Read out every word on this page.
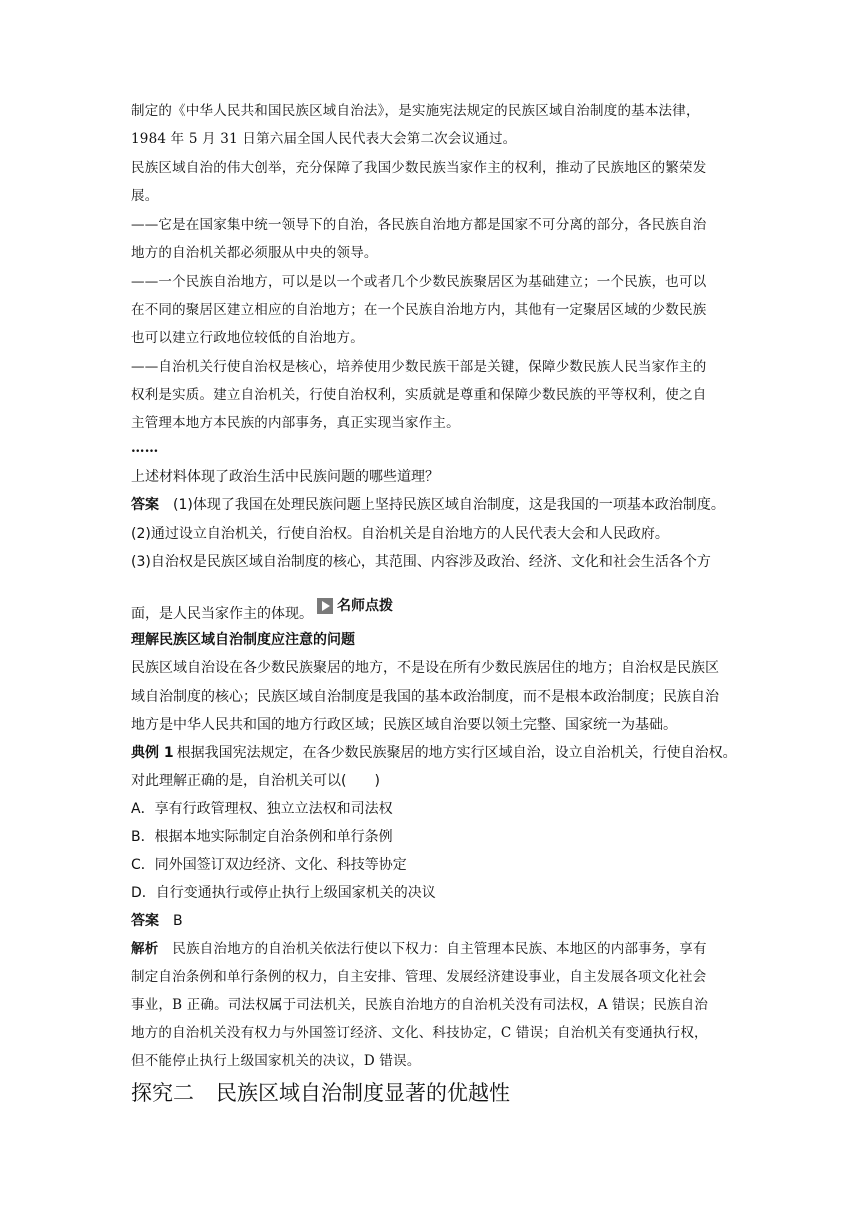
制定的《中华人民共和国民族区域自治法》，是实施宪法规定的民族区域自治制度的基本法律，
1984 年 5 月 31 日第六届全国人民代表大会第二次会议通过。
民族区域自治的伟大创举，充分保障了我国少数民族当家作主的权利，推动了民族地区的繁荣发
展。
——它是在国家集中统一领导下的自治，各民族自治地方都是国家不可分离的部分，各民族自治
地方的自治机关都必须服从中央的领导。
——一个民族自治地方，可以是以一个或者几个少数民族聚居区为基础建立；一个民族，也可以
在不同的聚居区建立相应的自治地方；在一个民族自治地方内，其他有一定聚居区域的少数民族
也可以建立行政地位较低的自治地方。
——自治机关行使自治权是核心，培养使用少数民族干部是关键，保障少数民族人民当家作主的
权利是实质。建立自治机关，行使自治权利，实质就是尊重和保障少数民族的平等权利，使之自
主管理本地方本民族的内部事务，真正实现当家作主。
……
上述材料体现了政治生活中民族问题的哪些道理？
答案 (1)体现了我国在处理民族问题上坚持民族区域自治制度，这是我国的一项基本政治制度。
(2)通过设立自治机关，行使自治权。自治机关是自治地方的人民代表大会和人民政府。
(3)自治权是民族区域自治制度的核心，其范围、内容涉及政治、经济、文化和社会生活各个方
面，是人民当家作主的体现。 名师点拨
理解民族区域自治制度应注意的问题
民族区域自治设在各少数民族聚居的地方，不是设在所有少数民族居住的地方；自治权是民族区
域自治制度的核心；民族区域自治制度是我国的基本政治制度，而不是根本政治制度；民族自治
地方是中华人民共和国的地方行政区域；民族区域自治要以领土完整、国家统一为基础。
典例 1 根据我国宪法规定，在各少数民族聚居的地方实行区域自治，设立自治机关，行使自治权。
对此理解正确的是，自治机关可以(　　)
A．享有行政管理权、独立立法权和司法权
B．根据本地实际制定自治条例和单行条例
C．同外国签订双边经济、文化、科技等协定
D．自行变通执行或停止执行上级国家机关的决议
答案 B
解析 民族自治地方的自治机关依法行使以下权力：自主管理本民族、本地区的内部事务，享有
制定自治条例和单行条例的权力，自主安排、管理、发展经济建设事业，自主发展各项文化社会
事业，B 正确。司法权属于司法机关，民族自治地方的自治机关没有司法权，A 错误；民族自治
地方的自治机关没有权力与外国签订经济、文化、科技协定，C 错误；自治机关有变通执行权，
但不能停止执行上级国家机关的决议，D 错误。
探究二 民族区域自治制度显著的优越性
